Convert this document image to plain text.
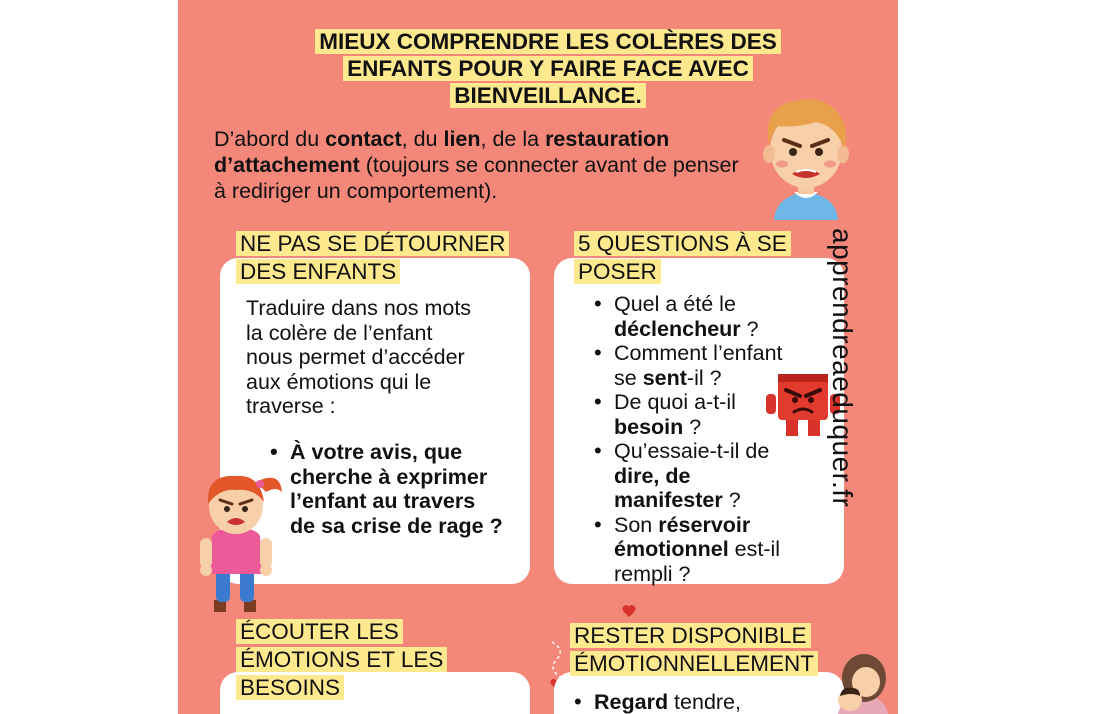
MIEUX COMPRENDRE LES COLÈRES DES ENFANTS POUR Y FAIRE FACE AVEC BIENVEILLANCE.

D’abord du contact, du lien, de la restauration d’attachement (toujours se connecter avant de penser à rediriger un comportement).

NE PAS SE DÉTOURNER DES ENFANTS

Traduire dans nos mots la colère de l’enfant nous permet d’accéder aux émotions qui le traverse :

• À votre avis, que cherche à exprimer l’enfant au travers de sa crise de rage ?
5 QUESTIONS À SE POSER
• Quel a été le déclencheur ?
• Comment l’enfant se sent-il ?
• De quoi a-t-il besoin ?
• Qu’essaie-t-il de dire, de manifester ?
• Son réservoir émotionnel est-il rempli ?
apprendreaeduquer.fr
ÉCOUTER LES ÉMOTIONS ET LES BESOINS
RESTER DISPONIBLE ÉMOTIONNELLEMENT
• Regard tendre,
